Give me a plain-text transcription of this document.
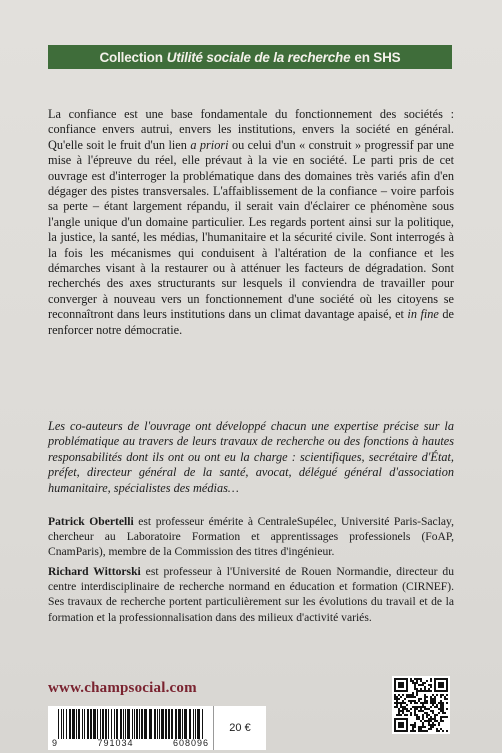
Collection Utilité sociale de la recherche en SHS

La confiance est une base fondamentale du fonctionnement des sociétés : confiance envers autrui, envers les institutions, envers la société en général. Qu'elle soit le fruit d'un lien a priori ou celui d'un « construit » progressif par une mise à l'épreuve du réel, elle prévaut à la vie en société. Le parti pris de cet ouvrage est d'interroger la problématique dans des domaines très variés afin d'en dégager des pistes transversales. L'affaiblissement de la confiance – voire parfois sa perte – étant largement répandu, il serait vain d'éclairer ce phénomène sous l'angle unique d'un domaine particulier. Les regards portent ainsi sur la politique, la justice, la santé, les médias, l'humanitaire et la sécurité civile. Sont interrogés à la fois les mécanismes qui conduisent à l'altération de la confiance et les démarches visant à la restaurer ou à atténuer les facteurs de dégradation. Sont recherchés des axes structurants sur lesquels il conviendra de travailler pour converger à nouveau vers un fonctionnement d'une société où les citoyens se reconnaîtront dans leurs institutions dans un climat davantage apaisé, et in fine de renforcer notre démocratie.

Les co-auteurs de l'ouvrage ont développé chacun une expertise précise sur la problématique au travers de leurs travaux de recherche ou des fonctions à hautes responsabilités dont ils ont ou ont eu la charge : scientifiques, secrétaire d'État, préfet, directeur général de la santé, avocat, délégué général d'association humanitaire, spécialistes des médias…
Patrick Obertelli est professeur émérite à CentraleSupélec, Université Paris-Saclay, chercheur au Laboratoire Formation et apprentissages professionels (FoAP, CnamParis), membre de la Commission des titres d'ingénieur.
Richard Wittorski est professeur à l'Université de Rouen Normandie, directeur du centre interdisciplinaire de recherche normand en éducation et formation (CIRNEF). Ses travaux de recherche portent particulièrement sur les évolutions du travail et de la formation et la professionnalisation dans des milieux d'activité variés.
www.champsocial.com
9	791034	608096
20 €
